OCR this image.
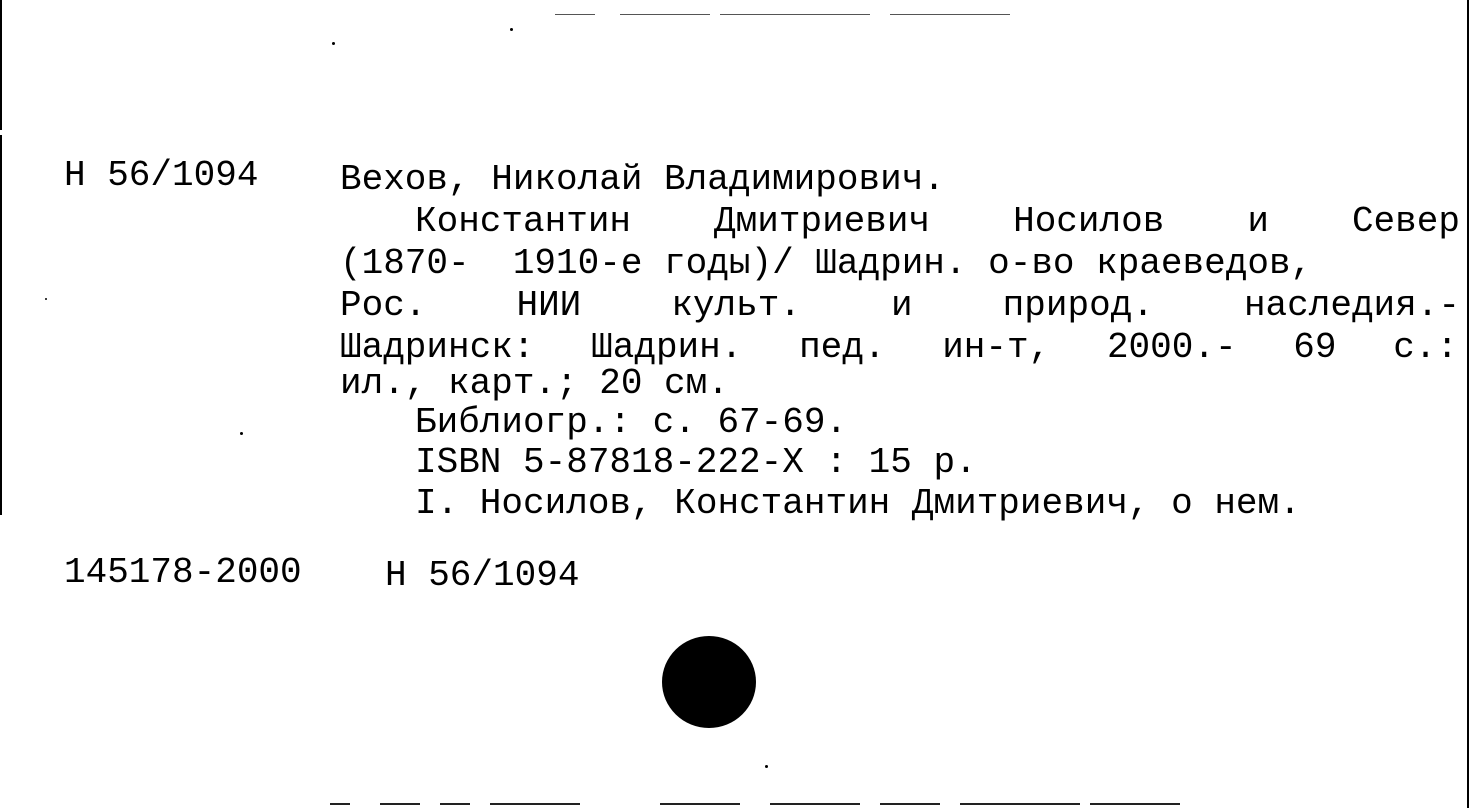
Н 56/1094 Вехов, Николай Владимирович.
Константин Дмитриевич Носилов и Север
(1870-  1910-е годы)/ Шадрин. о-во краеведов,
Рос.	НИИ	культ.	и	природ.	наследия.-
Шадринск: Шадрин. пед. ин-т, 2000.- 69 с.:
ил., карт.; 20 см.
Библиогр.: с. 67-69.
ISBN 5-87818-222-X : 15 р.
I. Носилов, Константин Дмитриевич, о нем.
145178-2000 Н 56/1094
